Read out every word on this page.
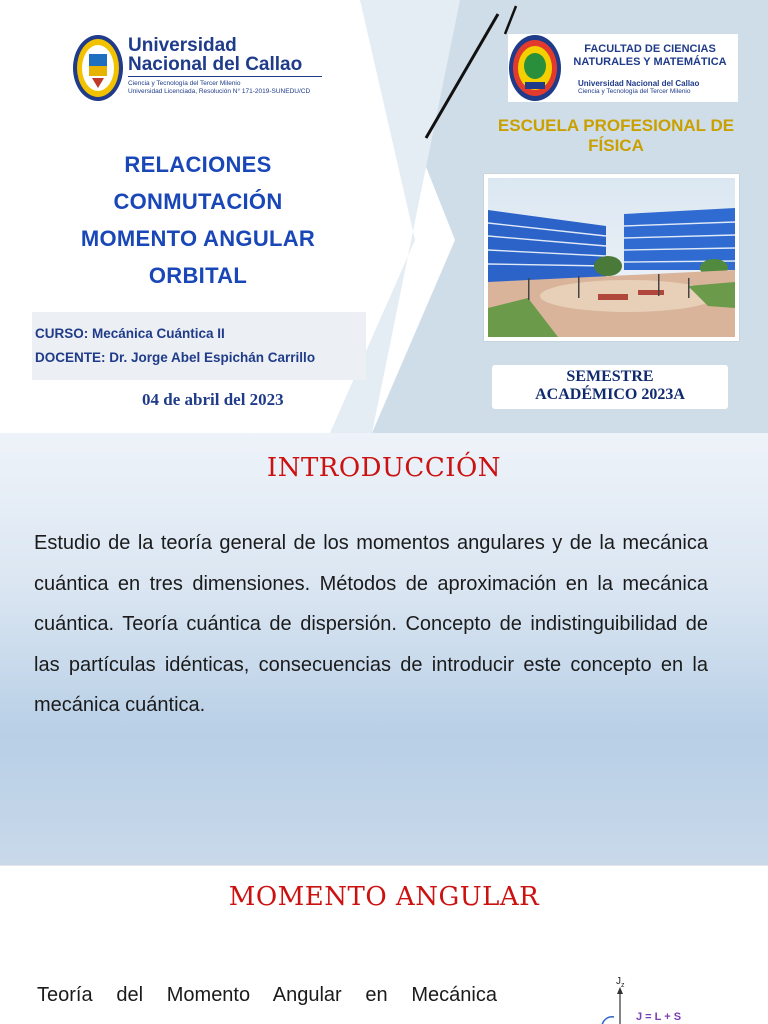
Universidad
Nacional del Callao
Ciencia y Tecnología del Tercer Milenio
Universidad Licenciada, Resolución N° 171-2019-SUNEDU/CD
FACULTAD DE CIENCIAS
NATURALES Y MATEMÁTICA
Universidad Nacional del Callao
Ciencia y Tecnología del Tercer Milenio
ESCUELA PROFESIONAL DE
FÍSICA
SEMESTRE
ACADÉMICO 2023A
RELACIONES
CONMUTACIÓN
MOMENTO ANGULAR
ORBITAL
CURSO: Mecánica Cuántica II
DOCENTE: Dr. Jorge Abel Espichán Carrillo
04 de abril del 2023
INTRODUCCIÓN

Estudio de la teoría general de los momentos angulares y de la mecánica cuántica en tres dimensiones. Métodos de aproximación en la mecánica cuántica. Teoría cuántica de dispersión. Concepto de indistinguibilidad de las partículas idénticas, consecuencias de introducir este concepto en la mecánica cuántica.

MOMENTO ANGULAR

Teoría del Momento Angular en Mecánica

$J_z$
J = L + S
